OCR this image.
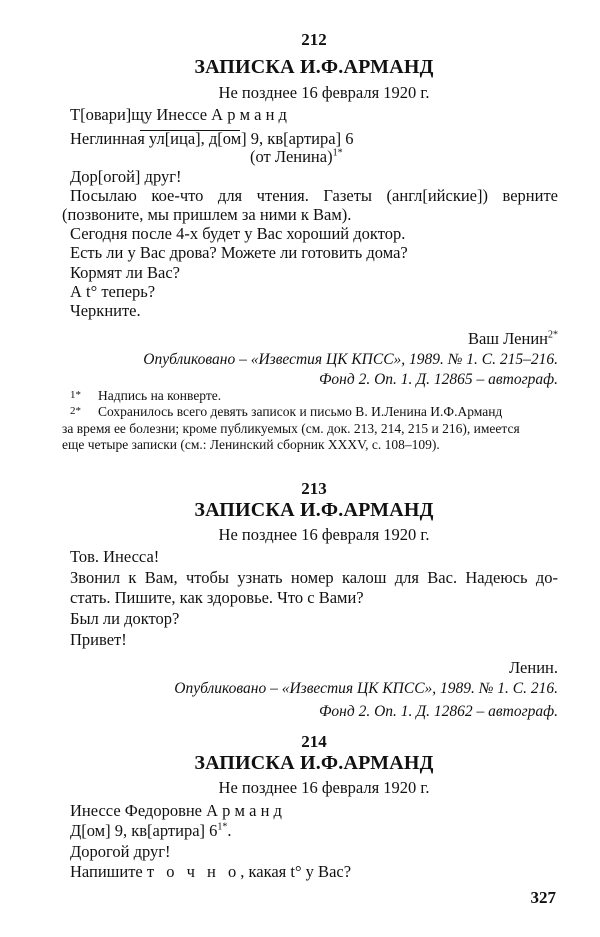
212
ЗАПИСКА И.Ф.АРМАНД
Не позднее 16 февраля 1920 г.
Т[овари]щу Инессе А р м а н д
Неглинная ул[ица], д[ом] 9, кв[артира] 6
(от Ленина)$^{1*}$
Дор[огой] друг!
Посылаю кое-что для чтения. Газеты (англ[ийские]) верните
(позвоните, мы пришлем за ними к Вам).
Сегодня после 4-х будет у Вас хороший доктор.
Есть ли у Вас дрова? Можете ли готовить дома?
Кормят ли Вас?
А t° теперь?
Черкните.
Ваш Ленин$^{2*}$
Опубликовано – «Известия ЦК КПСС», 1989. № 1. С. 215–216.
Фонд 2. Оп. 1. Д. 12865 – автограф.
1* Надпись на конверте.
2* Сохранилось всего девять записок и письмо В. И.Ленина И.Ф.Арманд
за время ее болезни; кроме публикуемых (см. док. 213, 214, 215 и 216), имеется
еще четыре записки (см.: Ленинский сборник XXXV, с. 108–109).
213
ЗАПИСКА И.Ф.АРМАНД
Не позднее 16 февраля 1920 г.
Тов. Инесса!
Звонил к Вам, чтобы узнать номер калош для Вас. Надеюсь до-
стать. Пишите, как здоровье. Что с Вами?
Был ли доктор?
Привет!
Ленин.
Опубликовано – «Известия ЦК КПСС», 1989. № 1. С. 216.
Фонд 2. Оп. 1. Д. 12862 – автограф.
214
ЗАПИСКА И.Ф.АРМАНД
Не позднее 16 февраля 1920 г.
Инессе Федоровне А р м а н д
Д[ом] 9, кв[артира] $6^{1*}$.
Дорогой друг!
Напишите т о ч н о, какая t° у Вас?
327
